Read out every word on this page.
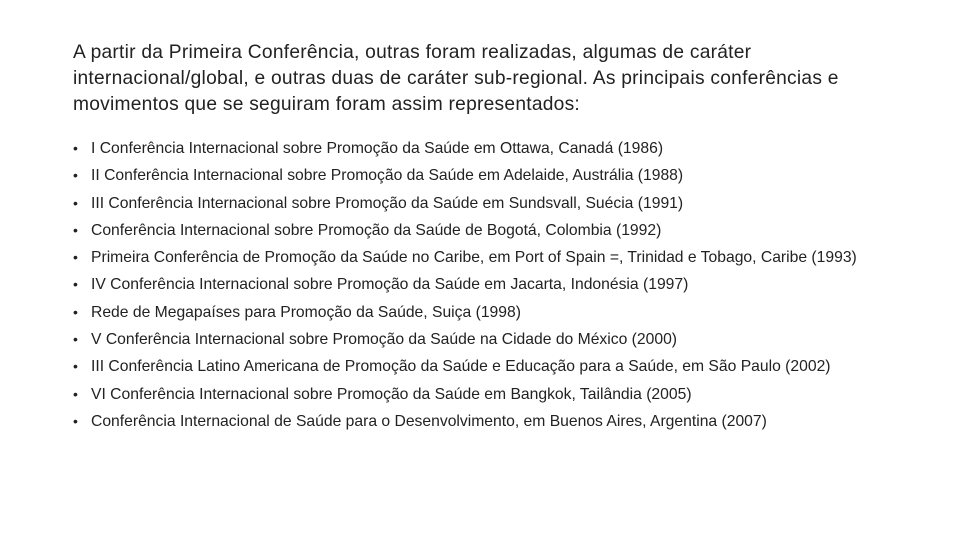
A partir da Primeira Conferência, outras foram realizadas, algumas de caráter internacional/global, e outras duas de caráter sub-regional. As principais conferências e movimentos que se seguiram foram assim representados:

• I Conferência Internacional sobre Promoção da Saúde em Ottawa, Canadá (1986)
• II Conferência Internacional sobre Promoção da Saúde em Adelaide, Austrália (1988)
• III Conferência Internacional sobre Promoção da Saúde em Sundsvall, Suécia (1991)
• Conferência Internacional sobre Promoção da Saúde de Bogotá, Colombia (1992)
• Primeira Conferência de Promoção da Saúde no Caribe, em Port of Spain =, Trinidad e Tobago, Caribe (1993)
• IV Conferência Internacional sobre Promoção da Saúde em Jacarta, Indonésia (1997)
• Rede de Megapaíses para Promoção da Saúde, Suiça (1998)
• V Conferência Internacional sobre Promoção da Saúde na Cidade do México (2000)
• III Conferência Latino Americana de Promoção da Saúde e Educação para a Saúde, em São Paulo (2002)
• VI Conferência Internacional sobre Promoção da Saúde em Bangkok, Tailândia (2005)
• Conferência Internacional de Saúde para o Desenvolvimento, em Buenos Aires, Argentina (2007)
